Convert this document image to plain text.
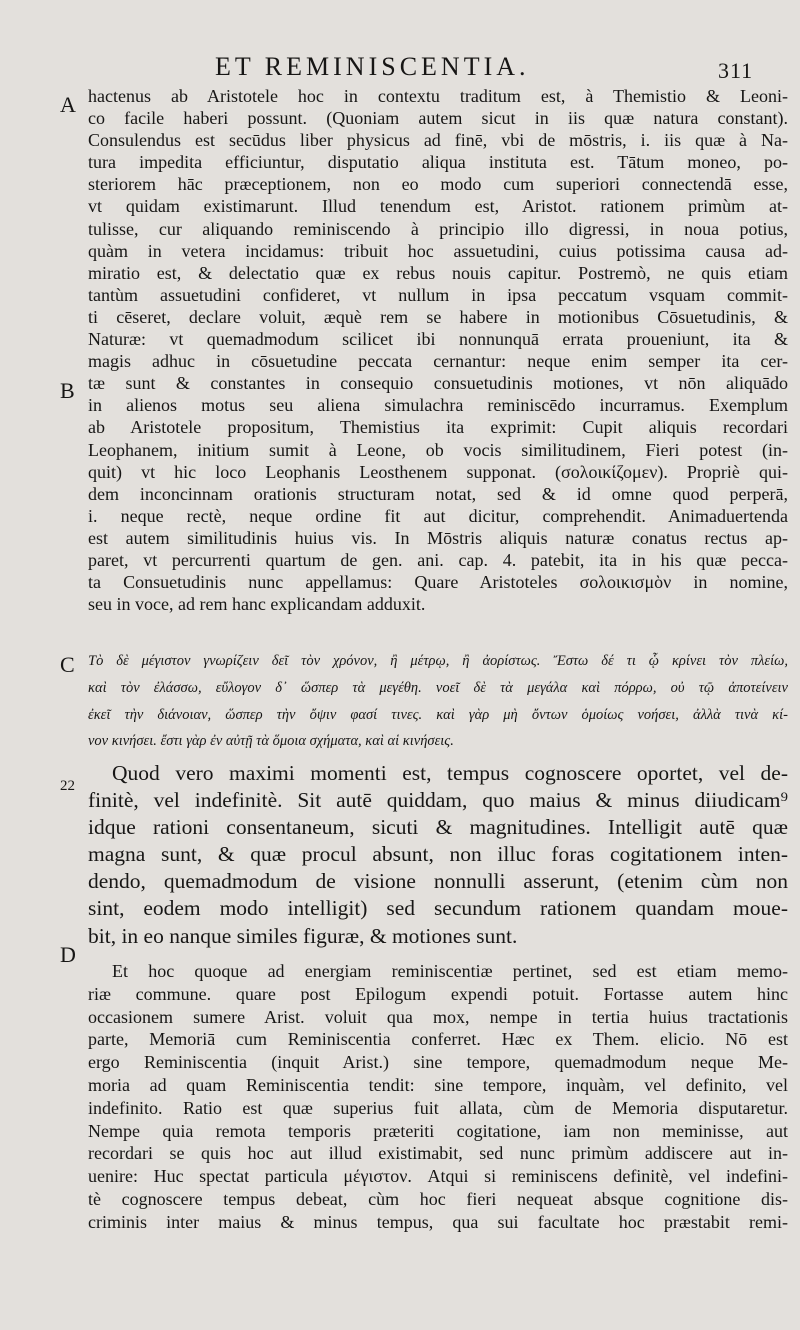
ET REMINISCENTIA.	311
A
B
C
D
22
hactenus ab Aristotele hoc in contextu traditum est, à Themistio & Leoni-
co facile haberi possunt. (Quoniam autem sicut in iis quæ natura constant).
Consulendus est secūdus liber physicus ad finē, vbi de mōstris, i. iis quæ à Na-
tura impedita efficiuntur, disputatio aliqua instituta est. Tātum moneo, po-
steriorem hāc præceptionem, non eo modo cum superiori connectendā esse,
vt quidam existimarunt. Illud tenendum est, Aristot. rationem primùm at-
tulisse, cur aliquando reminiscendo à principio illo digressi, in noua potius,
quàm in vetera incidamus: tribuit hoc assuetudini, cuius potissima causa ad-
miratio est, & delectatio quæ ex rebus nouis capitur. Postremò, ne quis etiam
tantùm assuetudini confideret, vt nullum in ipsa peccatum vsquam commit-
ti cēseret, declare voluit, æquè rem se habere in motionibus Cōsuetudinis, &
Naturæ: vt quemadmodum scilicet ibi nonnunquā errata proueniunt, ita &
magis adhuc in cōsuetudine peccata cernantur: neque enim semper ita cer-
tæ sunt & constantes in consequio consuetudinis motiones, vt nōn aliquādo
in alienos motus seu aliena simulachra reminiscēdo incurramus. Exemplum
ab Aristotele propositum, Themistius ita exprimit: Cupit aliquis recordari
Leophanem, initium sumit à Leone, ob vocis similitudinem, Fieri potest (in-
quit) vt hic loco Leophanis Leosthenem supponat. (σολοικίζομεν). Propriè qui-
dem inconcinnam orationis structuram notat, sed & id omne quod perperā,
i. neque rectè, neque ordine fit aut dicitur, comprehendit. Animaduertenda
est autem similitudinis huius vis. In Mōstris aliquis naturæ conatus rectus ap-
paret, vt percurrenti quartum de gen. ani. cap. 4. patebit, ita in his quæ pecca-
ta Consuetudinis nunc appellamus: Quare Aristoteles σολοικισμὸν in nomine,
seu in voce, ad rem hanc explicandam adduxit.
Τὸ δὲ μέγιστον γνωρίζειν δεῖ τὸν χρόνον, ἢ μέτρῳ, ἢ ἀορίστως. Ἔστω δέ τι ᾧ κρίνει τὸν πλείω,
καὶ τὸν ἐλάσσω, εὔλογον δ᾽ ὥσπερ τὰ μεγέθη. νοεῖ δὲ τὰ μεγάλα καὶ πόρρω, οὐ τῷ ἀποτείνειν
ἐκεῖ τὴν διάνοιαν, ὥσπερ τὴν ὄψιν φασί τινες. καὶ γὰρ μὴ ὄντων ὁμοίως νοήσει, ἀλλὰ τινὰ κί-
νον κινήσει. ἔστι γὰρ ἐν αὐτῇ τὰ ὅμοια σχήματα, καὶ αἱ κινήσεις.
Quod vero maximi momenti est, tempus cognoscere oportet, vel de-
finitè, vel indefinitè. Sit autē quiddam, quo maius & minus diiudicam⁹
idque rationi consentaneum, sicuti & magnitudines. Intelligit autē quæ
magna sunt, & quæ procul absunt, non illuc foras cogitationem inten-
dendo, quemadmodum de visione nonnulli asserunt, (etenim cùm non
sint, eodem modo intelligit) sed secundum rationem quandam moue-
bit, in eo nanque similes figuræ, & motiones sunt.
Et hoc quoque ad energiam reminiscentiæ pertinet, sed est etiam memo-
riæ commune. quare post Epilogum expendi potuit. Fortasse autem hinc
occasionem sumere Arist. voluit qua mox, nempe in tertia huius tractationis
parte, Memoriā cum Reminiscentia conferret. Hæc ex Them. elicio. Nō est
ergo Reminiscentia (inquit Arist.) sine tempore, quemadmodum neque Me-
moria ad quam Reminiscentia tendit: sine tempore, inquàm, vel definito, vel
indefinito. Ratio est quæ superius fuit allata, cùm de Memoria disputaretur.
Nempe quia remota temporis præteriti cogitatione, iam non meminisse, aut
recordari se quis hoc aut illud existimabit, sed nunc primùm addiscere aut in-
uenire: Huc spectat particula μέγιστον. Atqui si reminiscens definitè, vel indefini-
tè cognoscere tempus debeat, cùm hoc fieri nequeat absque cognitione dis-
criminis inter maius & minus tempus, qua sui facultate hoc præstabit remi-
